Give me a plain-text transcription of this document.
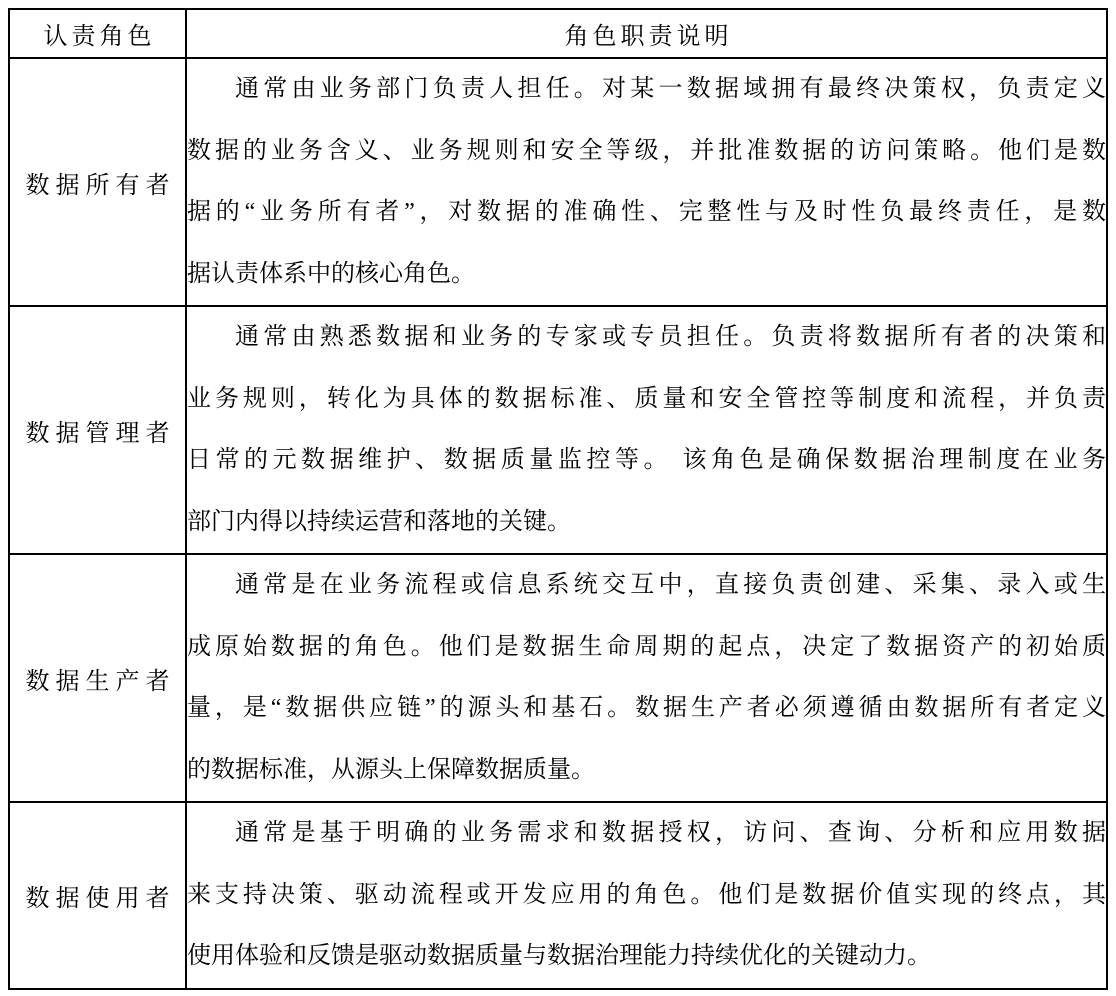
认责角色	角色职责说明
数据所有者	通常由业务部门负责人担任。对某一数据域拥有最终决策权，负责定义
数据的业务含义、业务规则和安全等级，并批准数据的访问策略。他们是数
据的“业务所有者”，对数据的准确性、完整性与及时性负最终责任，是数
据认责体系中的核心角色。

数据管理者	通常由熟悉数据和业务的专家或专员担任。负责将数据所有者的决策和
业务规则，转化为具体的数据标准、质量和安全管控等制度和流程，并负责
日常的元数据维护、数据质量监控等。 该角色是确保数据治理制度在业务
部门内得以持续运营和落地的关键。

数据生产者	通常是在业务流程或信息系统交互中，直接负责创建、采集、录入或生
成原始数据的角色。他们是数据生命周期的起点，决定了数据资产的初始质
量，是“数据供应链”的源头和基石。数据生产者必须遵循由数据所有者定义
的数据标准，从源头上保障数据质量。

数据使用者	通常是基于明确的业务需求和数据授权，访问、查询、分析和应用数据
来支持决策、驱动流程或开发应用的角色。他们是数据价值实现的终点，其
使用体验和反馈是驱动数据质量与数据治理能力持续优化的关键动力。
